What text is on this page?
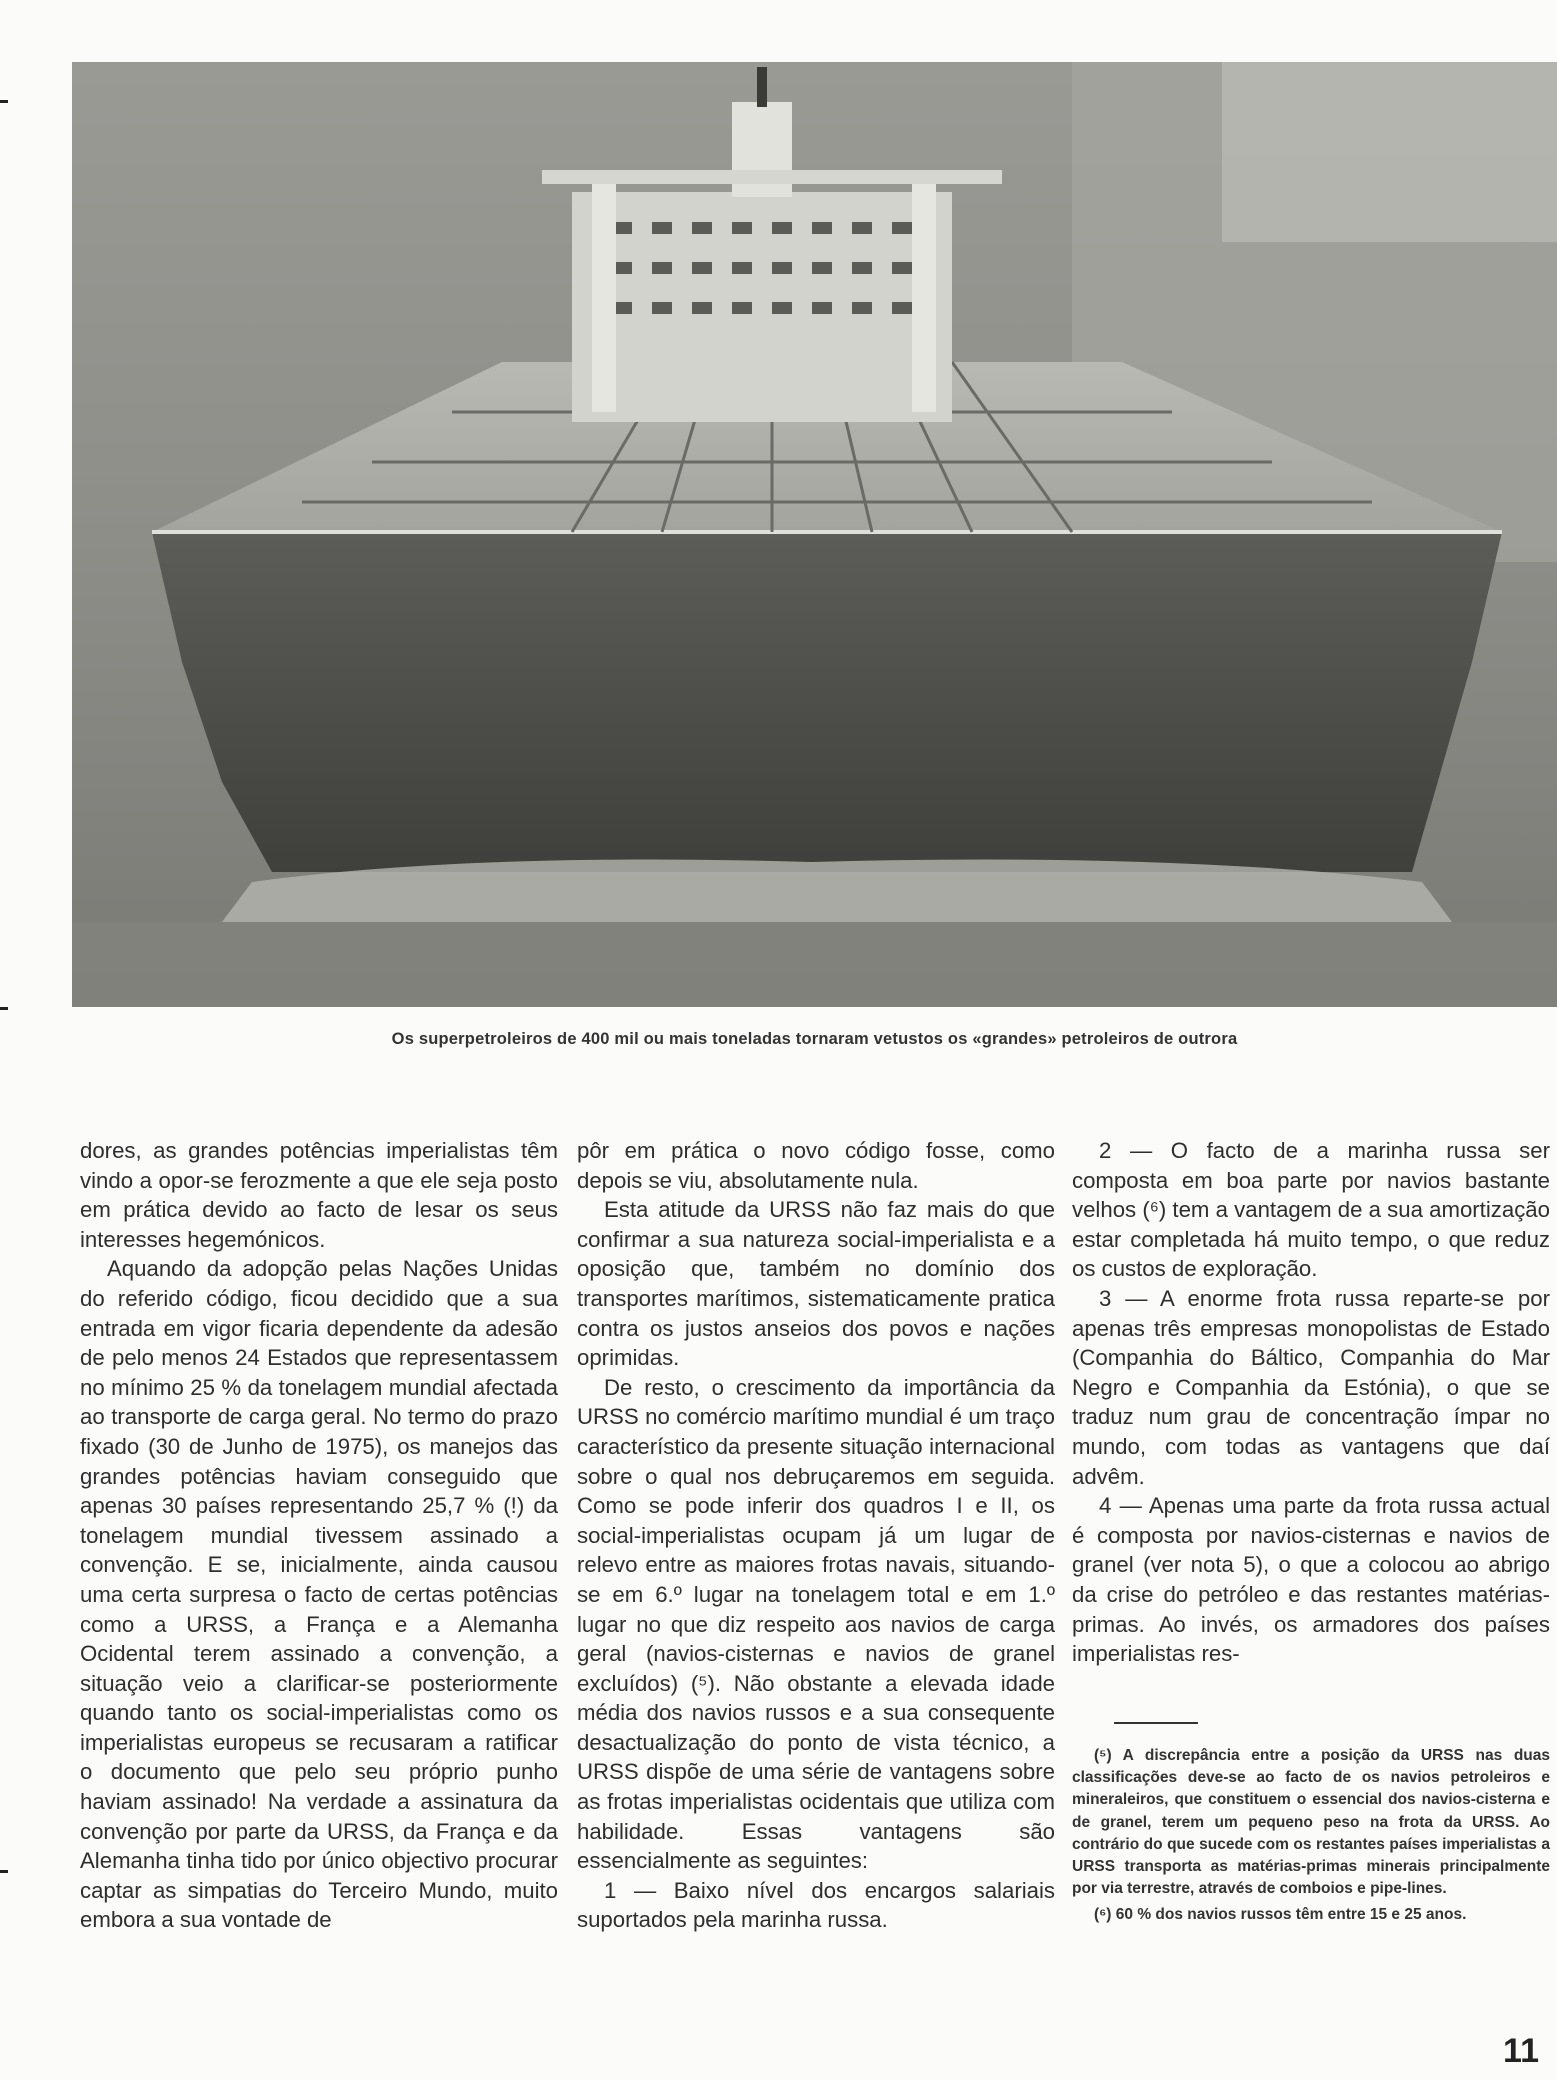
Os superpetroleiros de 400 mil ou mais toneladas tornaram vetustos os «grandes» petroleiros de outrora

dores, as grandes potências imperialistas têm vindo a opor-se ferozmente a que ele seja posto em prática devido ao facto de lesar os seus interesses hegemónicos.

Aquando da adopção pelas Nações Unidas do referido código, ficou decidido que a sua entrada em vigor ficaria dependente da adesão de pelo menos 24 Estados que representassem no mínimo 25 % da tonelagem mundial afectada ao transporte de carga geral. No termo do prazo fixado (30 de Junho de 1975), os manejos das grandes potências haviam conseguido que apenas 30 países representando 25,7 % (!) da tonelagem mundial tivessem assinado a convenção. E se, inicialmente, ainda causou uma certa surpresa o facto de certas potências como a URSS, a França e a Alemanha Ocidental terem assinado a convenção, a situação veio a clarificar-se posteriormente quando tanto os social-imperialistas como os imperialistas europeus se recusaram a ratificar o documento que pelo seu próprio punho haviam assinado! Na verdade a assinatura da convenção por parte da URSS, da França e da Alemanha tinha tido por único objectivo procurar captar as simpatias do Terceiro Mundo, muito embora a sua vontade de

pôr em prática o novo código fosse, como depois se viu, absolutamente nula.

Esta atitude da URSS não faz mais do que confirmar a sua natureza social-imperialista e a oposição que, também no domínio dos transportes marítimos, sistematicamente pratica contra os justos anseios dos povos e nações oprimidas.

De resto, o crescimento da importância da URSS no comércio marítimo mundial é um traço característico da presente situação internacional sobre o qual nos debruçaremos em seguida. Como se pode inferir dos quadros I e II, os social-imperialistas ocupam já um lugar de relevo entre as maiores frotas navais, situando-se em 6.º lugar na tonelagem total e em 1.º lugar no que diz respeito aos navios de carga geral (navios-cisternas e navios de granel excluídos) (⁵). Não obstante a elevada idade média dos navios russos e a sua consequente desactualização do ponto de vista técnico, a URSS dispõe de uma série de vantagens sobre as frotas imperialistas ocidentais que utiliza com habilidade. Essas vantagens são essencialmente as seguintes:

1 — Baixo nível dos encargos salariais suportados pela marinha russa.

2 — O facto de a marinha russa ser composta em boa parte por navios bastante velhos (⁶) tem a vantagem de a sua amortização estar completada há muito tempo, o que reduz os custos de exploração.

3 — A enorme frota russa reparte-se por apenas três empresas monopolistas de Estado (Companhia do Báltico, Companhia do Mar Negro e Companhia da Estónia), o que se traduz num grau de concentração ímpar no mundo, com todas as vantagens que daí advêm.

4 — Apenas uma parte da frota russa actual é composta por navios-cisternas e navios de granel (ver nota 5), o que a colocou ao abrigo da crise do petróleo e das restantes matérias-primas. Ao invés, os armadores dos países imperialistas res-

(⁵) A discrepância entre a posição da URSS nas duas classificações deve-se ao facto de os navios petroleiros e mineraleiros, que constituem o essencial dos navios-cisterna e de granel, terem um pequeno peso na frota da URSS. Ao contrário do que sucede com os restantes países imperialistas a URSS transporta as matérias-primas minerais principalmente por via terrestre, através de comboios e pipe-lines.

(⁶) 60 % dos navios russos têm entre 15 e 25 anos.

11
